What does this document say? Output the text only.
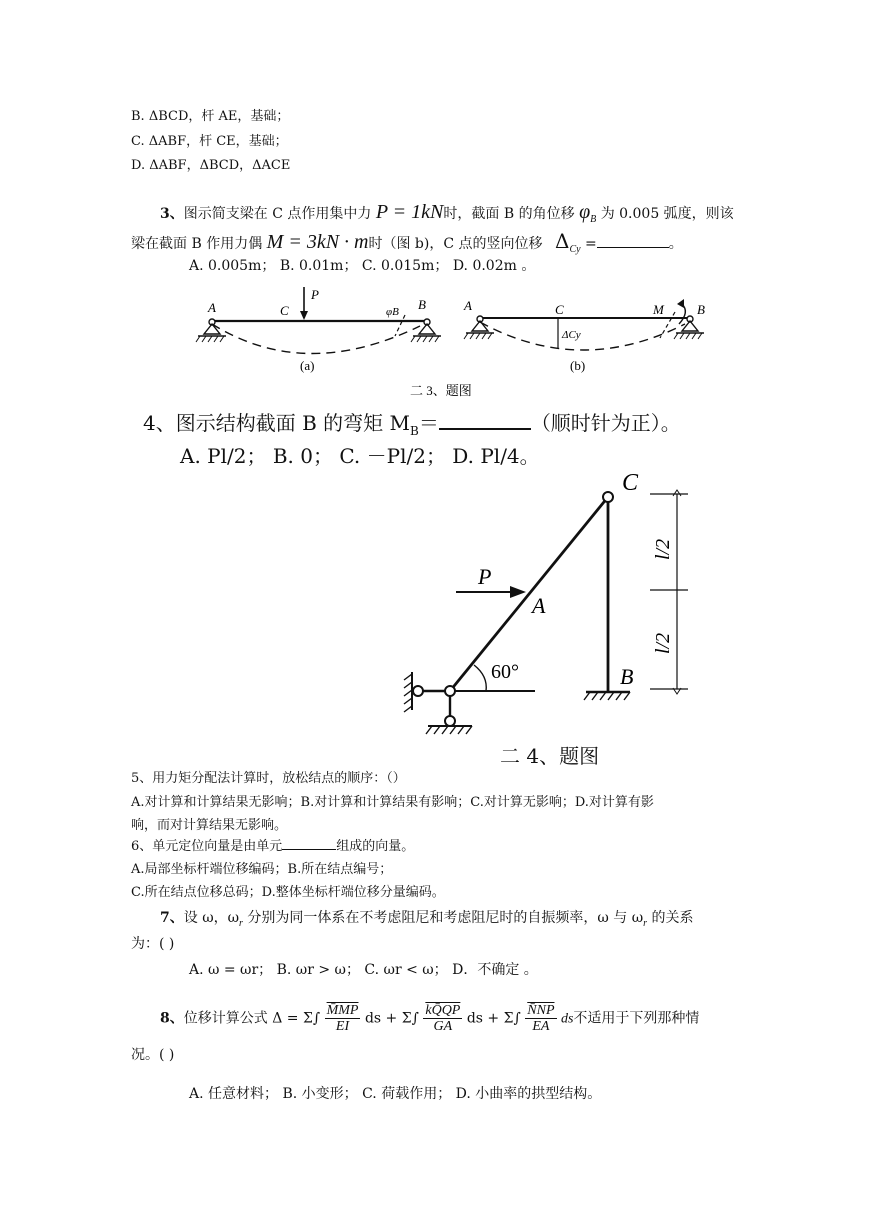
B. ΔBCD，杆 AE，基础；
C. ΔABF，杆 CE，基础；
D. ΔABF，ΔBCD，ΔACE
3、图示简支梁在 C 点作用集中力 P = 1kN时，截面 B 的角位移 $\varphi_B$ 为 0.005 弧度，则该
梁在截面 B 作用力偶 M = 3kN · m时（图 b)，C 点的竖向位移 $\Delta_{Cy}$ =	。
A. 0.005m； B. 0.01m； C. 0.015m； D. 0.02m 。
A	C
P
φB B
(a)
A	C	M	B
ΔCy
(b)
二 3、题图
4、图示结构截面 B 的弯矩 $M_B=$	（顺时针为正）。
A. Pl/2； B. 0； C. －Pl/2； D. Pl/4。
C
P
A
60°	B
l/2
l/2
二 4、题图
5、用力矩分配法计算时，放松结点的顺序：（）
A.对计算和计算结果无影响；B.对计算和计算结果有影响；C.对计算无影响；D.对计算有影
响，而对计算结果无影响。
6、单元定位向量是由单元	组成的向量。
A.局部坐标杆端位移编码；B.所在结点编号；
C.所在结点位移总码；D.整体坐标杆端位移分量编码。
7、设 ω，$\omega_r$ 分别为同一体系在不考虑阻尼和考虑阻尼时的自振频率，ω 与 $\omega_r$ 的关系
为：( )
A. ω = ωr； B. ωr > ω； C. ωr < ω； D．不确定 。
8、位移计算公式 $\Delta = \Sigma\int \frac{M̄MP}{EI}$ ds + $\Sigma\int \frac{kQ̄QP}{GA}$ ds + $\Sigma\int \frac{N̄NP}{EA}$ ds不适用于下列那种情
况。( )
A. 任意材料； B. 小变形； C. 荷载作用； D. 小曲率的拱型结构。
